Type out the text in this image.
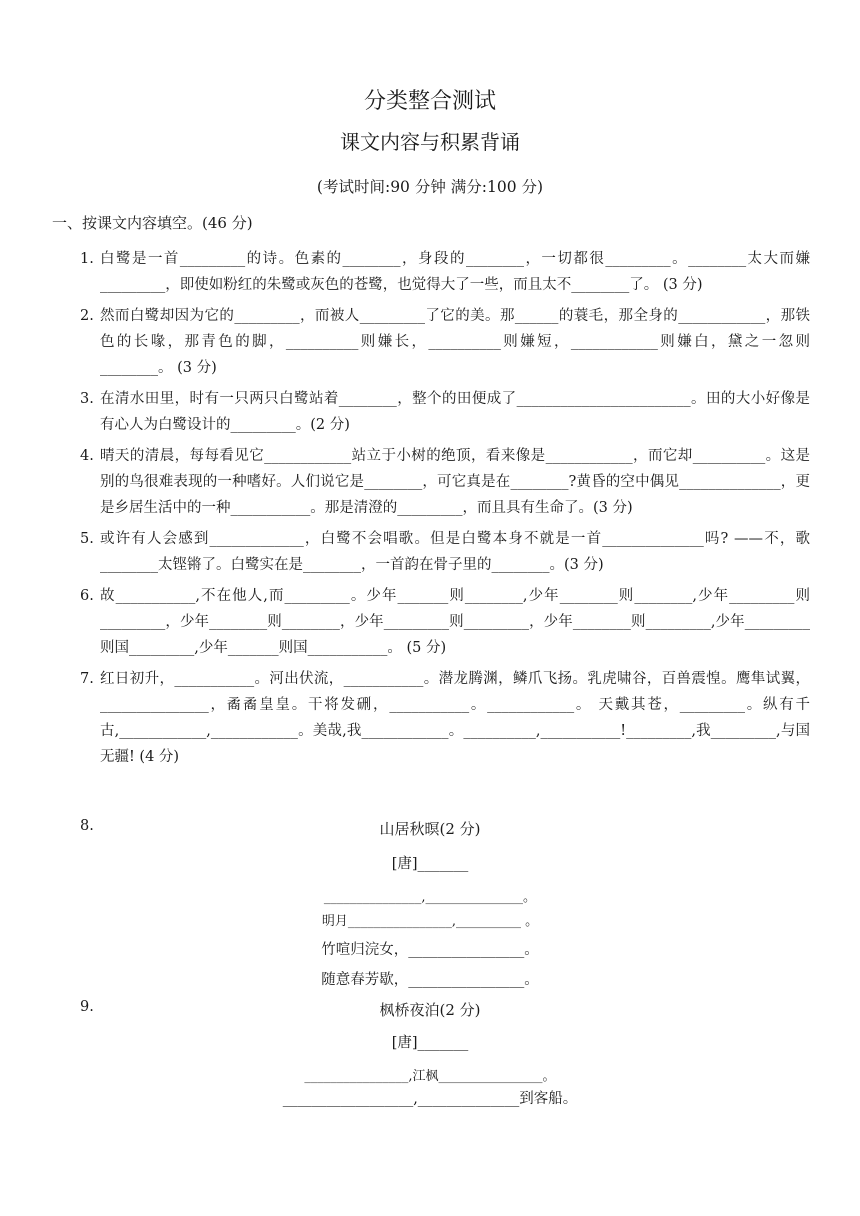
分类整合测试
课文内容与积累背诵
(考试时间:90 分钟 满分:100 分)
一、按课文内容填空。(46 分)
1. 白鹭是一首_________的诗。色素的________，身段的________，一切都很_________。________太大而嫌_________，即使如粉红的朱鹭或灰色的苍鹭，也觉得大了一些，而且太不________了。 (3 分)
2. 然而白鹭却因为它的_________，而被人_________了它的美。那______的蓑毛，那全身的____________，那铁色的长喙，那青色的脚，__________则嫌长，__________则嫌短，____________则嫌白，黛之一忽则________。 (3 分)
3. 在清水田里，时有一只两只白鹭站着________，整个的田便成了________________________。田的大小好像是有心人为白鹭设计的_________。(2 分)
4. 晴天的清晨，每每看见它____________站立于小树的绝顶，看来像是____________，而它却__________。这是别的鸟很难表现的一种嗜好。人们说它是________，可它真是在________?黄昏的空中偶见______________，更是乡居生活中的一种___________。那是清澄的_________，而且具有生命了。(3 分)
5. 或许有人会感到_____________，白鹭不会唱歌。但是白鹭本身不就是一首______________吗? ——不，歌________太铿锵了。白鹭实在是________，一首韵在骨子里的________。(3 分)
6. 故___________,不在他人,而_________。少年_______则________,少年________则________,少年_________则_________，少年________则________，少年_________则_________，少年________则_________,少年_________则国_________,少年_______则国___________。 (5 分)
7. 红日初升，___________。河出伏流，___________。潜龙腾渊，鳞爪飞扬。乳虎啸谷，百兽震惶。鹰隼试翼，_______________，矞矞皇皇。干将发硎，___________。____________。 天戴其苍，_________。纵有千古,____________,____________。美哉,我____________。__________,___________!_________,我_________,与国无疆! (4 分)
8.	山居秋暝(2 分)
[唐]_______
_______________,_______________。
明月________________,__________ 。
竹喧归浣女，________________。
随意春芳歇，________________。
9.	枫桥夜泊(2 分)
[唐]_______
________________,江枫________________。
__________________,______________到客船。
